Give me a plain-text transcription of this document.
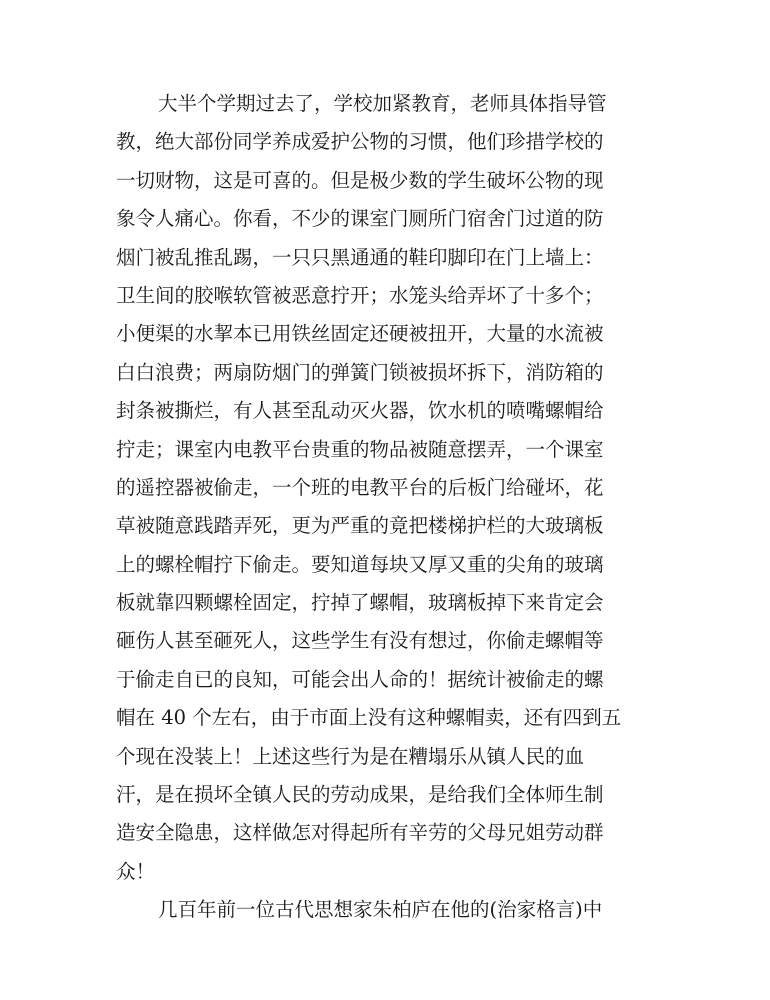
大半个学期过去了，学校加紧教育，老师具体指导管
教，绝大部份同学养成爱护公物的习惯，他们珍措学校的
一切财物，这是可喜的。但是极少数的学生破坏公物的现
象令人痛心。你看，不少的课室门厕所门宿舍门过道的防
烟门被乱推乱踢，一只只黑通通的鞋印脚印在门上墙上：
卫生间的胶喉软管被恶意拧开；水笼头给弄坏了十多个；
小便渠的水挈本已用铁丝固定还硬被扭开，大量的水流被
白白浪费；两扇防烟门的弹簧门锁被损坏拆下，消防箱的
封条被撕烂，有人甚至乱动灭火器，饮水机的喷嘴螺帽给
拧走；课室内电教平台贵重的物品被随意摆弄，一个课室
的遥控器被偷走，一个班的电教平台的后板门给碰坏，花
草被随意践踏弄死，更为严重的竟把楼梯护栏的大玻璃板
上的螺栓帽拧下偷走。要知道每块又厚又重的尖角的玻璃
板就靠四颗螺栓固定，拧掉了螺帽，玻璃板掉下来肯定会
砸伤人甚至砸死人，这些学生有没有想过，你偷走螺帽等
于偷走自已的良知，可能会出人命的！据统计被偷走的螺
帽在 40 个左右，由于市面上没有这种螺帽卖，还有四到五
个现在没装上！上述这些行为是在糟塌乐从镇人民的血
汗，是在损坏全镇人民的劳动成果，是给我们全体师生制
造安全隐患，这样做怎对得起所有辛劳的父母兄姐劳动群
众！
几百年前一位古代思想家朱柏庐在他的(治家格言)中
